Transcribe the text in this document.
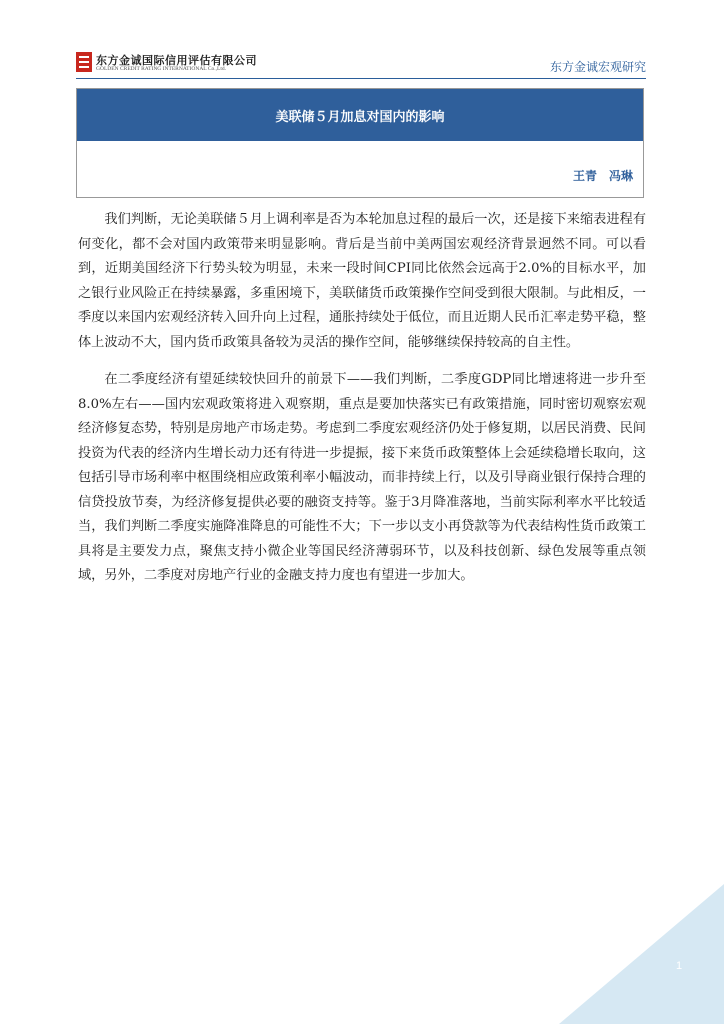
东方金诚国际信用评估有限公司
GOLDEN CREDIT RATING INTERNATIONAL Co.,Ltd.	东方金诚宏观研究
美联储５月加息对国内的影响
王青 冯琳

我们判断，无论美联储５月上调利率是否为本轮加息过程的最后一次，还是接下来缩表进程有何变化，都不会对国内政策带来明显影响。背后是当前中美两国宏观经济背景迥然不同。可以看到，近期美国经济下行势头较为明显，未来一段时间CPI同比依然会远高于2.0%的目标水平，加之银行业风险正在持续暴露，多重困境下，美联储货币政策操作空间受到很大限制。与此相反，一季度以来国内宏观经济转入回升向上过程，通胀持续处于低位，而且近期人民币汇率走势平稳，整体上波动不大，国内货币政策具备较为灵活的操作空间，能够继续保持较高的自主性。

在二季度经济有望延续较快回升的前景下——我们判断，二季度GDP同比增速将进一步升至8.0%左右——国内宏观政策将进入观察期，重点是要加快落实已有政策措施，同时密切观察宏观经济修复态势，特别是房地产市场走势。考虑到二季度宏观经济仍处于修复期，以居民消费、民间投资为代表的经济内生增长动力还有待进一步提振，接下来货币政策整体上会延续稳增长取向，这包括引导市场利率中枢围绕相应政策利率小幅波动，而非持续上行，以及引导商业银行保持合理的信贷投放节奏，为经济修复提供必要的融资支持等。鉴于3月降准落地，当前实际利率水平比较适当，我们判断二季度实施降准降息的可能性不大；下一步以支小再贷款等为代表结构性货币政策工具将是主要发力点，聚焦支持小微企业等国民经济薄弱环节，以及科技创新、绿色发展等重点领域，另外，二季度对房地产行业的金融支持力度也有望进一步加大。

1
